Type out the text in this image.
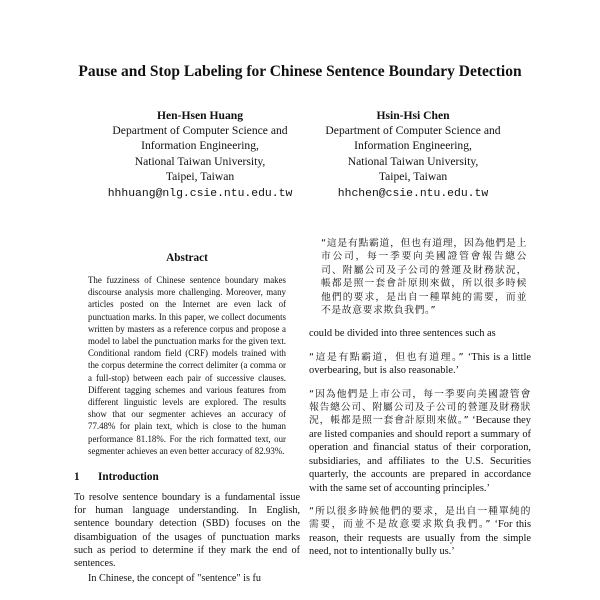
Pause and Stop Labeling for Chinese Sentence Boundary Detection
Hen-Hsen Huang
Department of Computer Science and
Information Engineering,
National Taiwan University,
Taipei, Taiwan
hhhuang@nlg.csie.ntu.edu.tw
Hsin-Hsi Chen
Department of Computer Science and
Information Engineering,
National Taiwan University,
Taipei, Taiwan
hhchen@csie.ntu.edu.tw
Abstract
The fuzziness of Chinese sentence boundary makes discourse analysis more challenging. Moreover, many articles posted on the Internet are even lack of punctuation marks. In this paper, we collect documents written by masters as a reference corpus and propose a model to label the punctuation marks for the given text. Conditional random field (CRF) models trained with the corpus determine the correct delimiter (a comma or a full-stop) between each pair of successive clauses. Different tagging schemes and various features from different linguistic levels are explored. The results show that our segmenter achieves an accuracy of 77.48% for plain text, which is close to the human performance 81.18%. For the rich formatted text, our segmenter achieves an even better accuracy of 82.93%.
1 Introduction
To resolve sentence boundary is a fundamental issue for human language understanding. In English, sentence boundary detection (SBD) focuses on the disambiguation of the usages of punctuation marks such as period to determine if they mark the end of sentences.
In Chinese, the concept of "sentence" is fu
“這是有點霸道，但也有道理，因為他們是上市公司，每一季要向美國證管會報告總公司、附屬公司及子公司的營運及財務狀況，帳都是照一套會計原則來做，所以很多時候他們的要求，是出自一種單純的需要，而並不是故意要求欺負我們。”
could be divided into three sentences such as
“這是有點霸道，但也有道理。” ‘This is a little overbearing, but is also reasonable.’
“因為他們是上市公司，每一季要向美國證管會報告總公司、附屬公司及子公司的營運及財務狀況，帳都是照一套會計原則來做。” ‘Because they are listed companies and should report a summary of operation and financial status of their corporation, subsidiaries, and affiliates to the U.S. Securities quarterly, the accounts are prepared in accordance with the same set of accounting principles.’
“所以很多時候他們的要求，是出自一種單純的需要，而並不是故意要求欺負我們。” ‘For this reason, their requests are usually from the simple need, not to intentionally bully us.’
